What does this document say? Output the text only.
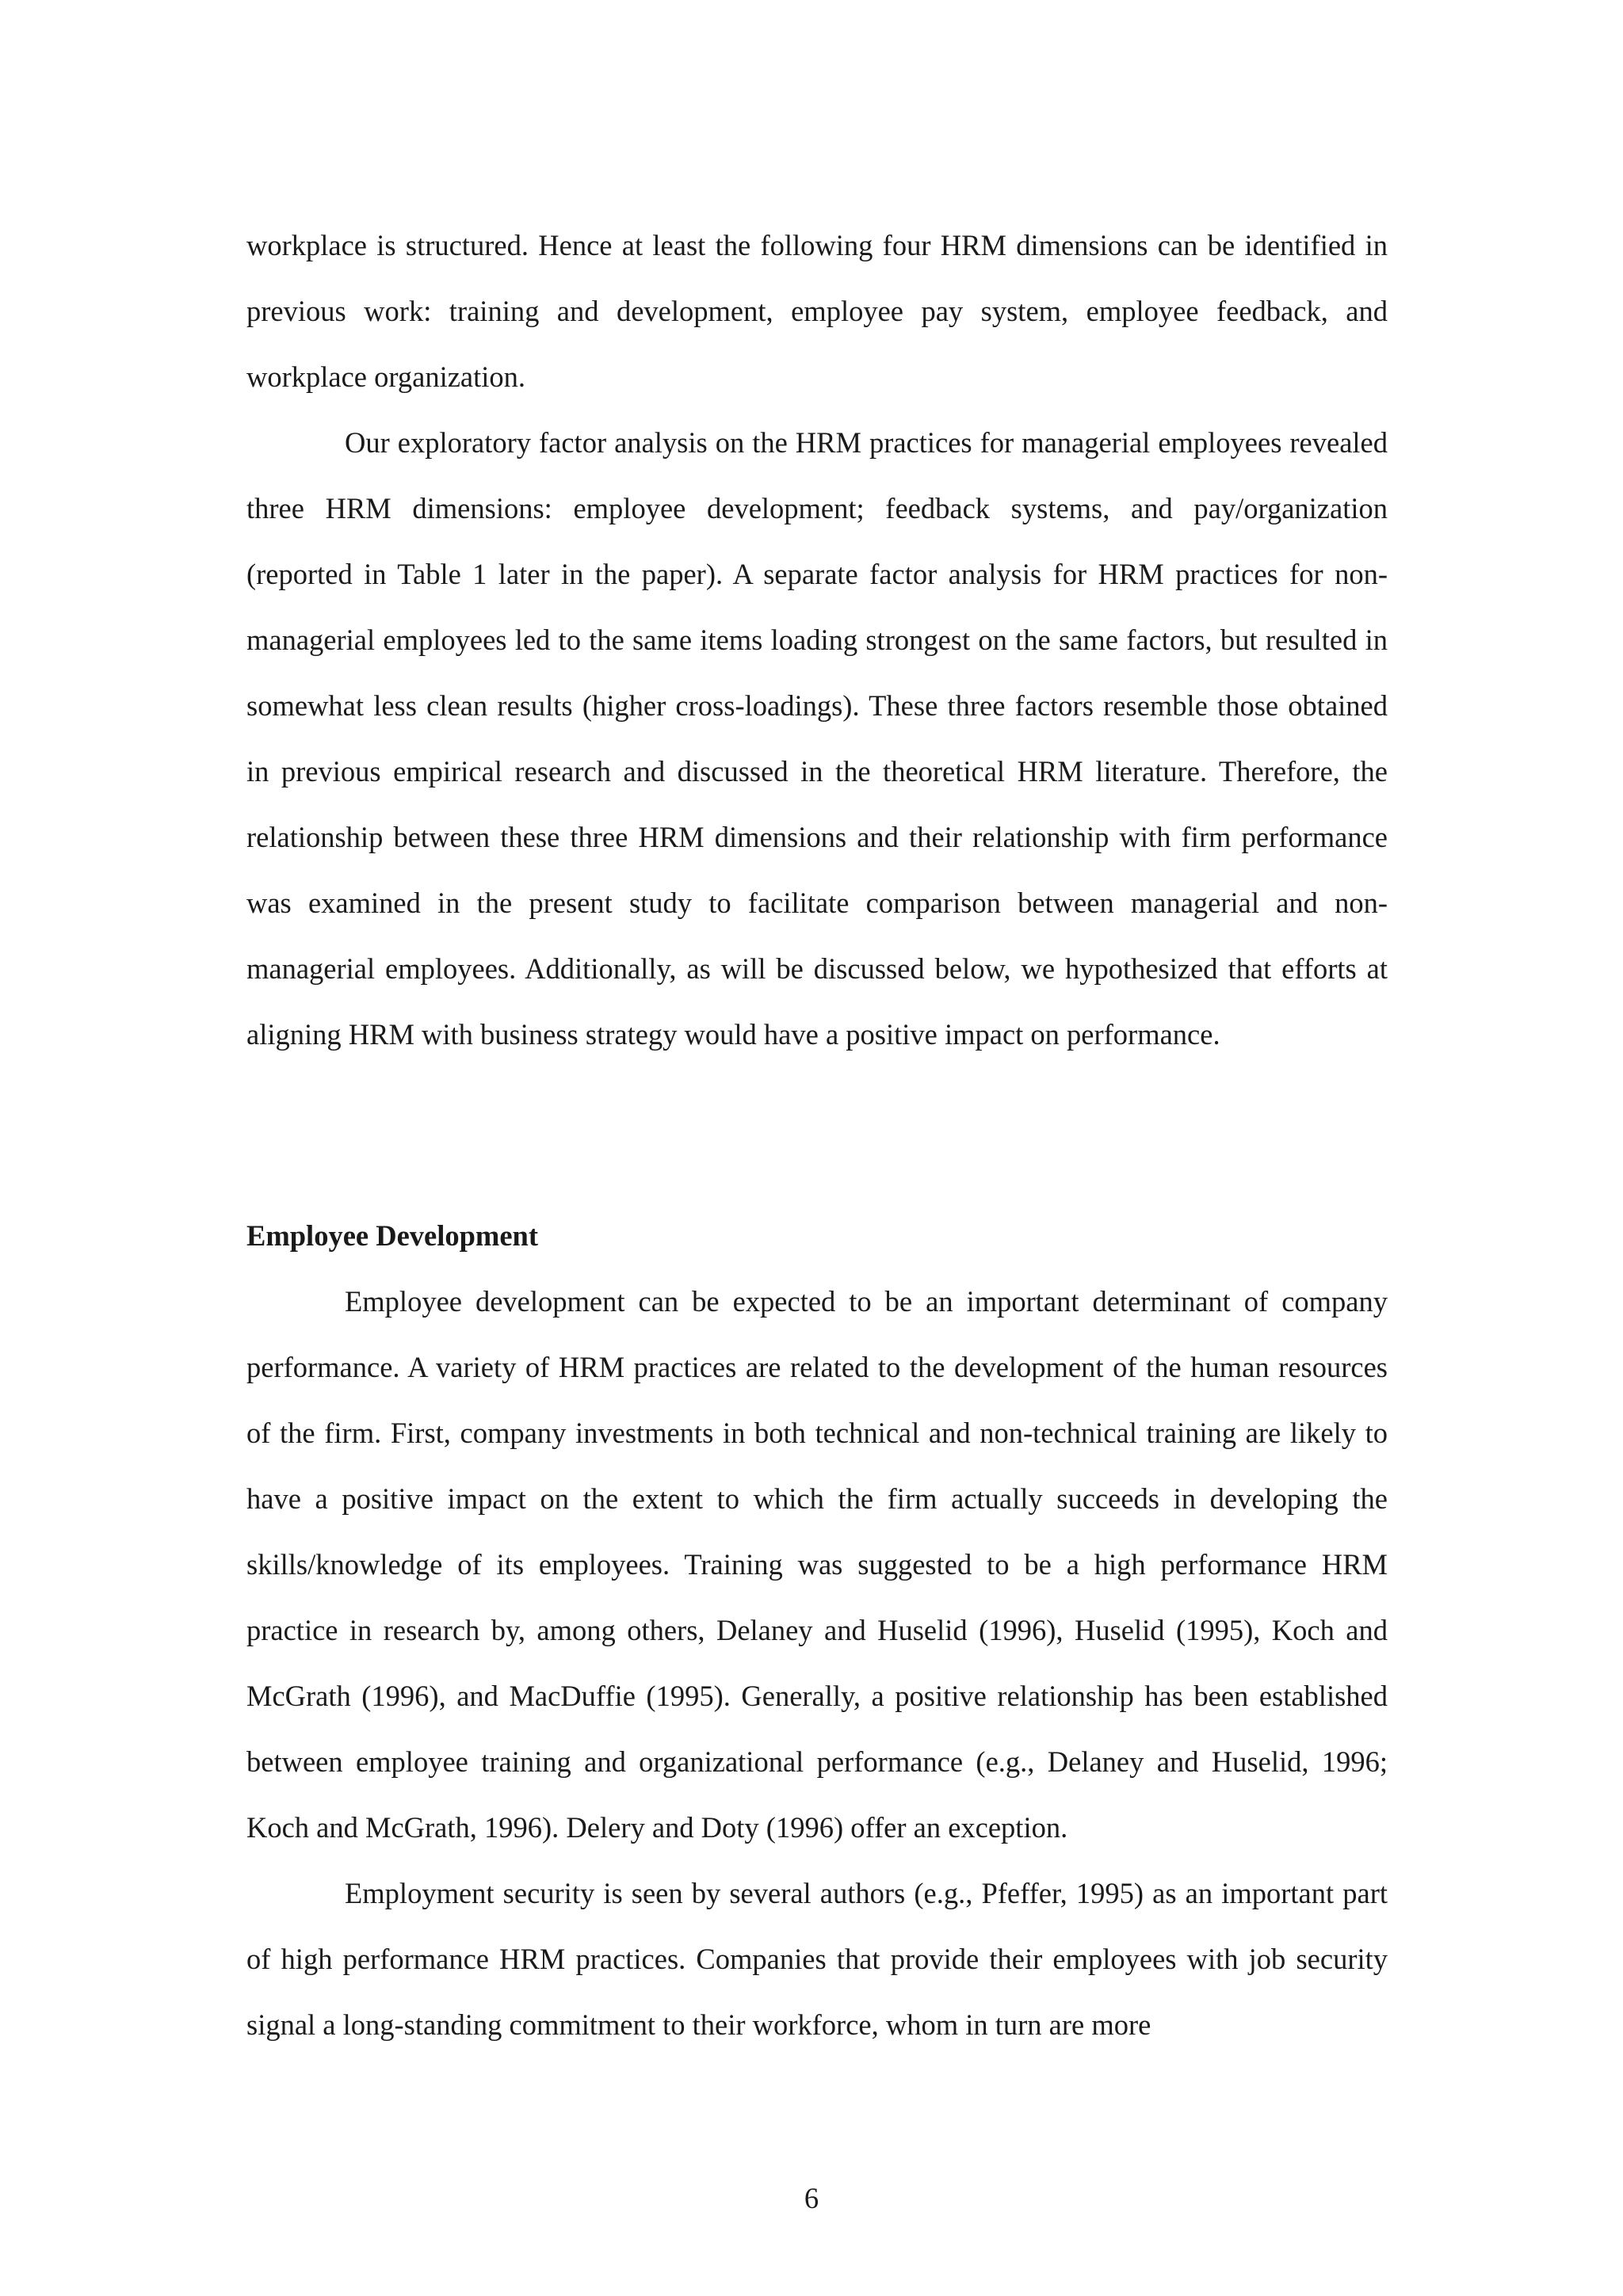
workplace is structured. Hence at least the following four HRM dimensions can be identified in previous work: training and development, employee pay system, employee feedback, and workplace organization.

Our exploratory factor analysis on the HRM practices for managerial employees revealed three HRM dimensions: employee development; feedback systems, and pay/organization (reported in Table 1 later in the paper). A separate factor analysis for HRM practices for non-managerial employees led to the same items loading strongest on the same factors, but resulted in somewhat less clean results (higher cross-loadings). These three factors resemble those obtained in previous empirical research and discussed in the theoretical HRM literature. Therefore, the relationship between these three HRM dimensions and their relationship with firm performance was examined in the present study to facilitate comparison between managerial and non-managerial employees. Additionally, as will be discussed below, we hypothesized that efforts at aligning HRM with business strategy would have a positive impact on performance.

Employee Development

Employee development can be expected to be an important determinant of company performance. A variety of HRM practices are related to the development of the human resources of the firm. First, company investments in both technical and non-technical training are likely to have a positive impact on the extent to which the firm actually succeeds in developing the skills/knowledge of its employees. Training was suggested to be a high performance HRM practice in research by, among others, Delaney and Huselid (1996), Huselid (1995), Koch and McGrath (1996), and MacDuffie (1995). Generally, a positive relationship has been established between employee training and organizational performance (e.g., Delaney and Huselid, 1996; Koch and McGrath, 1996). Delery and Doty (1996) offer an exception.

Employment security is seen by several authors (e.g., Pfeffer, 1995) as an important part of high performance HRM practices. Companies that provide their employees with job security signal a long-standing commitment to their workforce, whom in turn are more

6
